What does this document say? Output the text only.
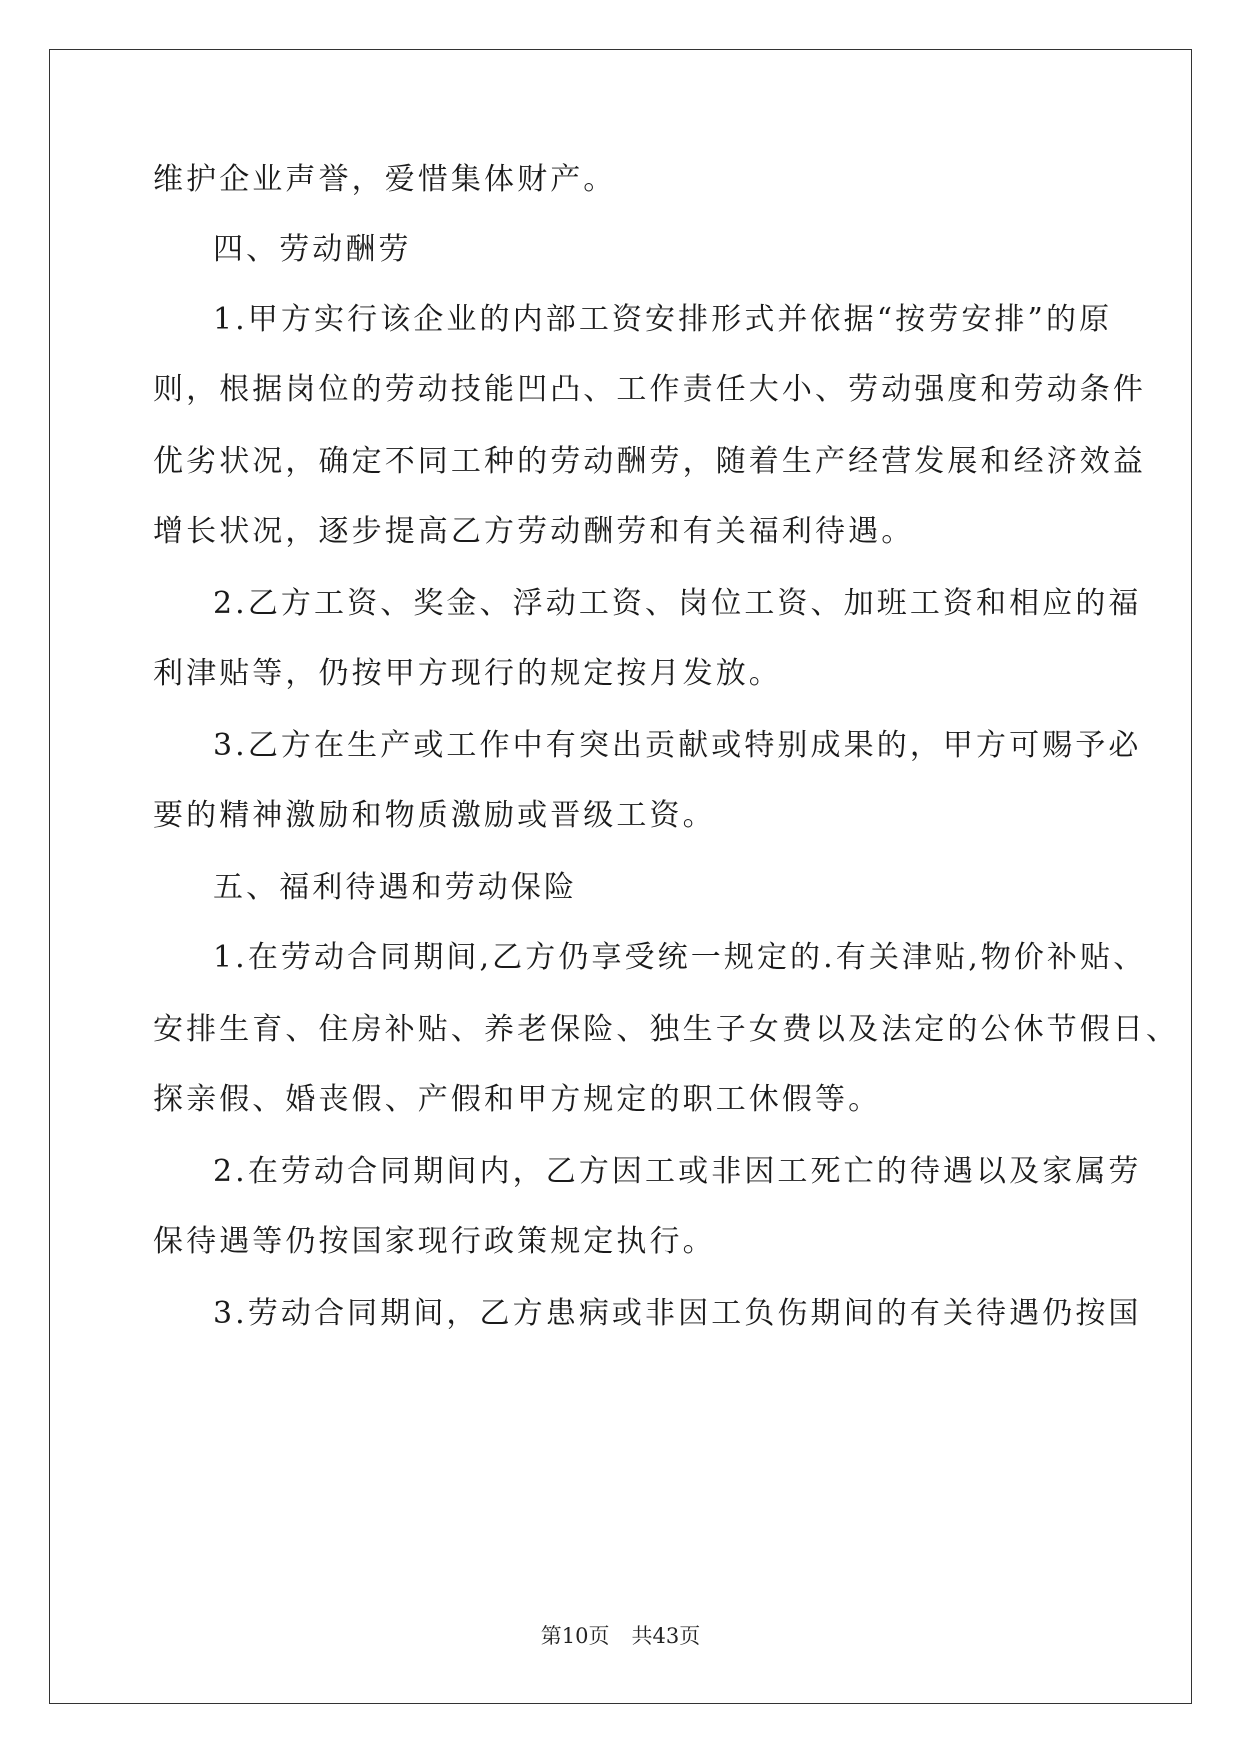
维护企业声誉，爱惜集体财产。
四、劳动酬劳
1.甲方实行该企业的内部工资安排形式并依据“按劳安排”的原
则，根据岗位的劳动技能凹凸、工作责任大小、劳动强度和劳动条件
优劣状况，确定不同工种的劳动酬劳，随着生产经营发展和经济效益
增长状况，逐步提高乙方劳动酬劳和有关福利待遇。
2.乙方工资、奖金、浮动工资、岗位工资、加班工资和相应的福
利津贴等，仍按甲方现行的规定按月发放。
3.乙方在生产或工作中有突出贡献或特别成果的，甲方可赐予必
要的精神激励和物质激励或晋级工资。
五、福利待遇和劳动保险
1.在劳动合同期间,乙方仍享受统一规定的.有关津贴,物价补贴、
安排生育、住房补贴、养老保险、独生子女费以及法定的公休节假日、
探亲假、婚丧假、产假和甲方规定的职工休假等。
2.在劳动合同期间内，乙方因工或非因工死亡的待遇以及家属劳
保待遇等仍按国家现行政策规定执行。
3.劳动合同期间，乙方患病或非因工负伤期间的有关待遇仍按国
第10页 共43页
